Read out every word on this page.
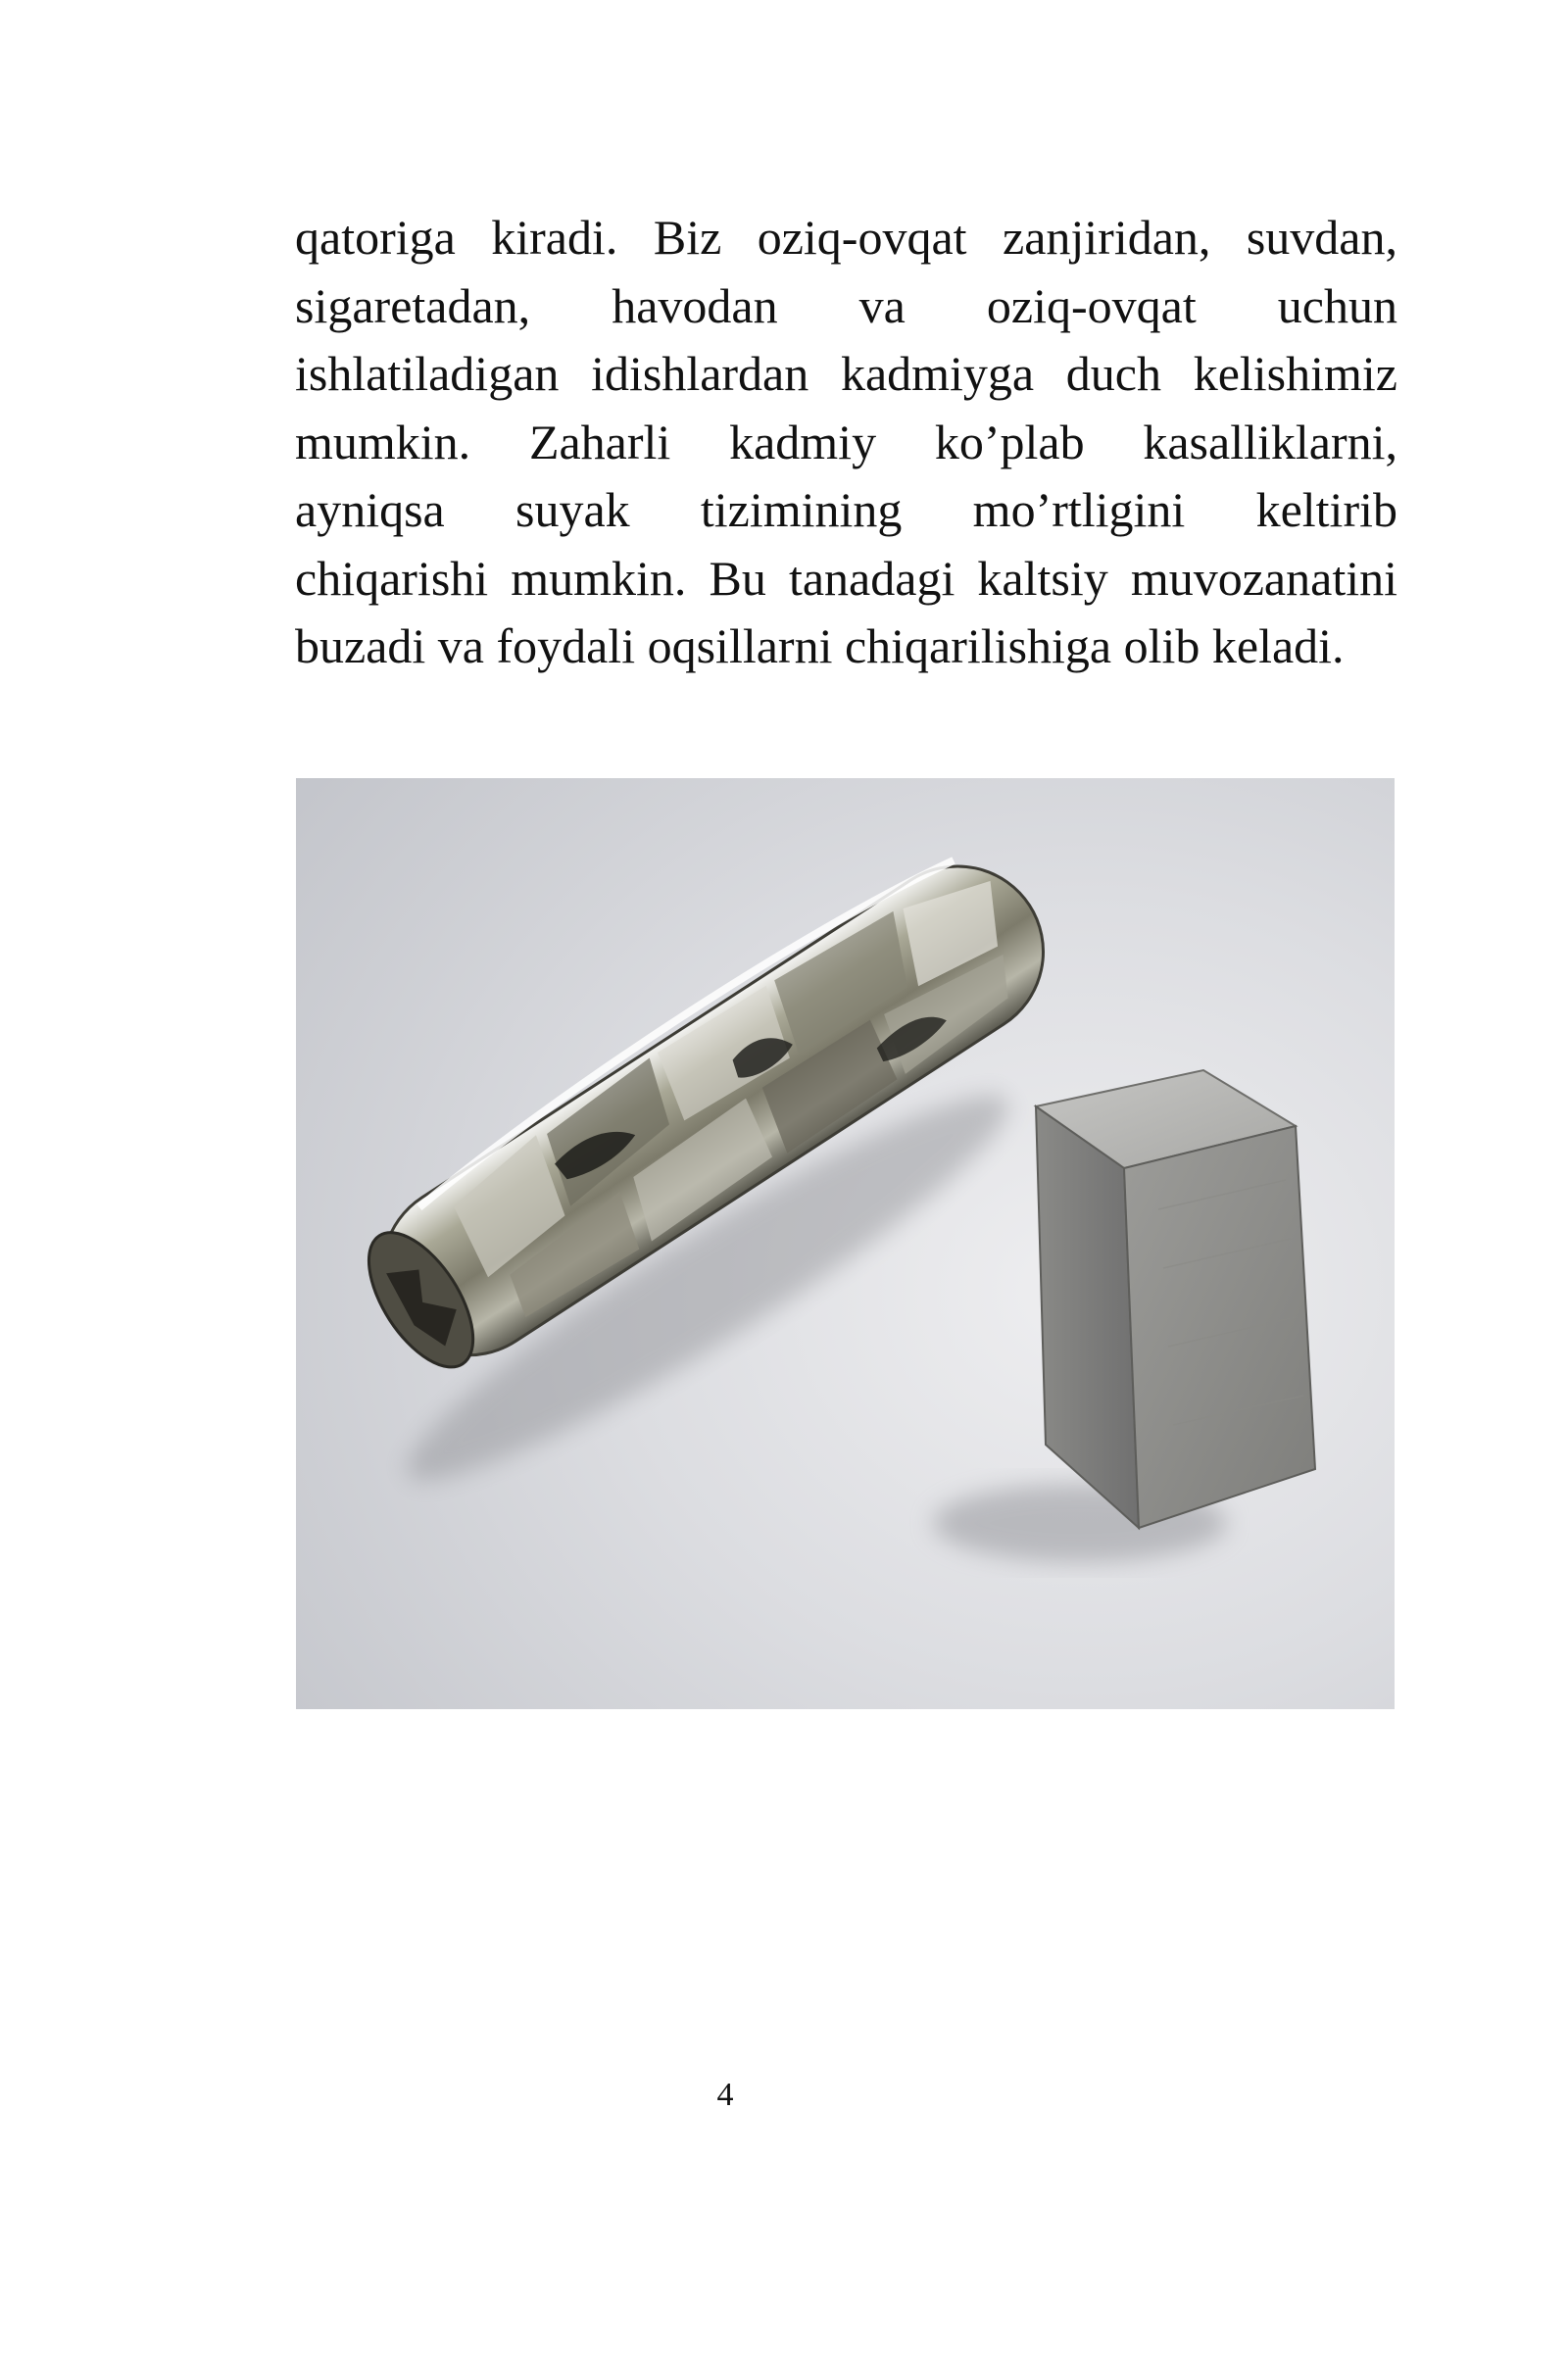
qatoriga kiradi. Biz oziq-ovqat zanjiridan, suvdan,
sigaretadan, havodan va oziq-ovqat uchun
ishlatiladigan idishlardan kadmiyga duch kelishimiz
mumkin. Zaharli kadmiy ko’plab kasalliklarni,
ayniqsa suyak tizimining mo’rtligini keltirib
chiqarishi mumkin. Bu tanadagi kaltsiy muvozanatini
buzadi va foydali oqsillarni chiqarilishiga olib keladi.
4
